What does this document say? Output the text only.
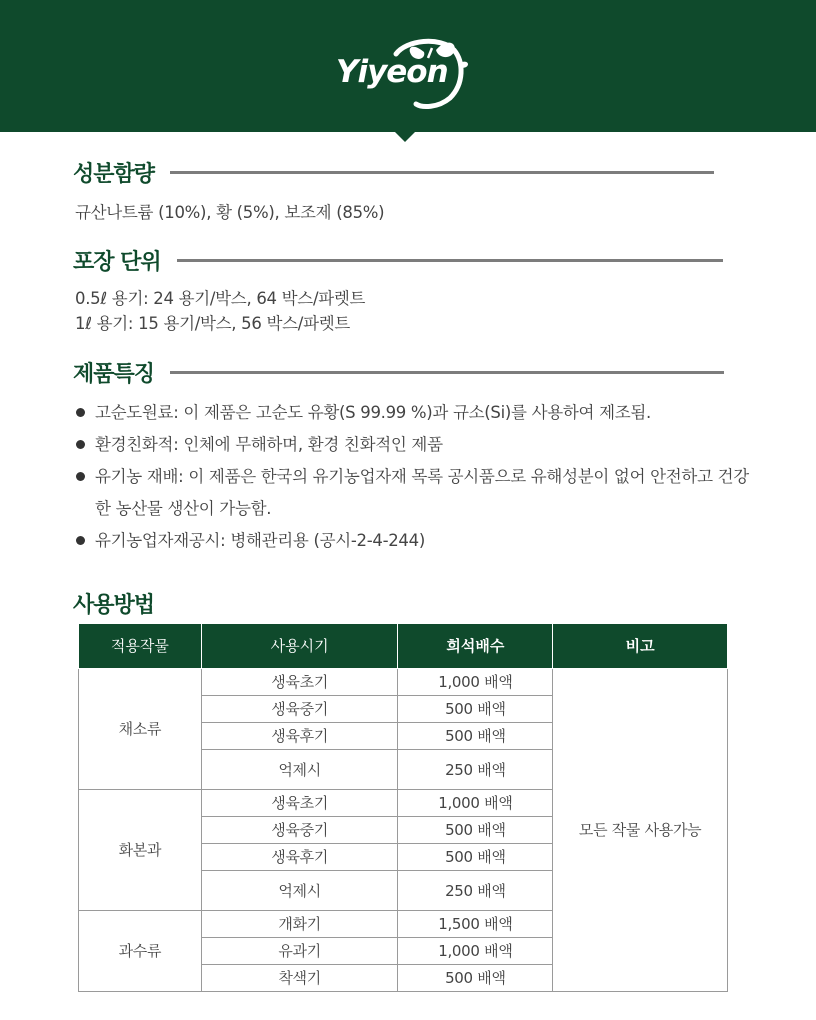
Yiyeon
성분함량
규산나트륨 (10%), 황 (5%), 보조제 (85%)
포장 단위
0.5ℓ 용기: 24 용기/박스, 64 박스/파렛트
1ℓ 용기: 15 용기/박스, 56 박스/파렛트
제품특징
고순도원료: 이 제품은 고순도 유황(S 99.99 %)과 규소(Si)를 사용하여 제조됨.
환경친화적: 인체에 무해하며, 환경 친화적인 제품
유기농 재배: 이 제품은 한국의 유기농업자재 목록 공시품으로 유해성분이 없어 안전하고 건강한 농산물 생산이 가능함.
유기농업자재공시: 병해관리용 (공시-2-4-244)
사용방법
적용작물	사용시기	희석배수	비고
채소류	생육초기	1,000 배액	모든 작물 사용가능
	생육중기	500 배액	
	생육후기	500 배액	
	억제시	250 배액	
화본과	생육초기	1,000 배액	
	생육중기	500 배액	
	생육후기	500 배액	
	억제시	250 배액	
과수류	개화기	1,500 배액	
	유과기	1,000 배액	
	착색기	500 배액	
